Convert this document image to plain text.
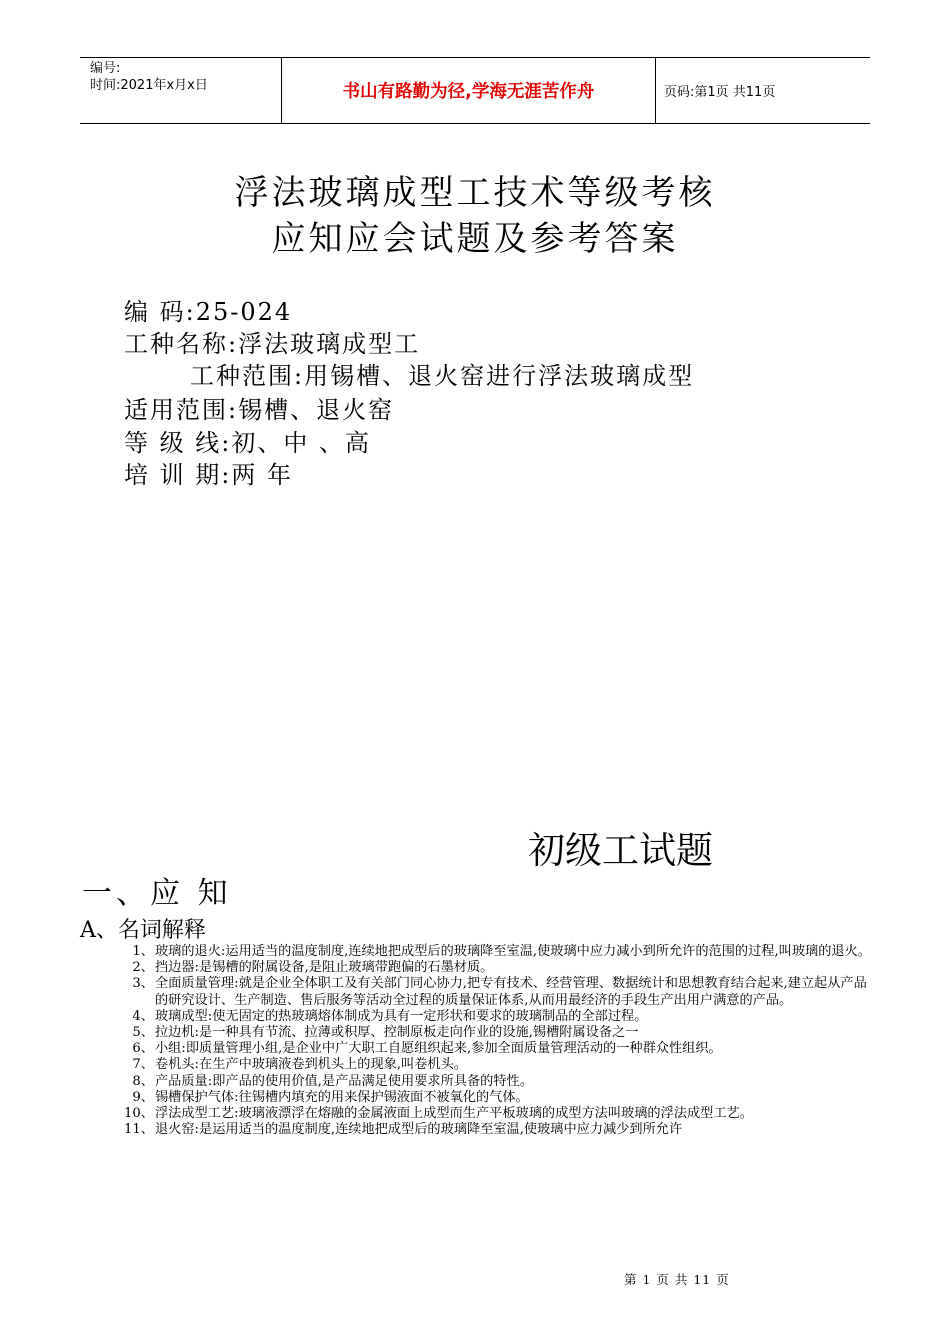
编号:
时间:2021年x月x日	书山有路勤为径,学海无涯苦作舟	页码:第1页 共11页
浮法玻璃成型工技术等级考核
应知应会试题及参考答案
编 码:25-024
工种名称:浮法玻璃成型工
工种范围:用锡槽、退火窑进行浮法玻璃成型
适用范围:锡槽、退火窑
等 级 线:初、中 、高
培 训 期:两 年
初级工试题
一、应 知
A、名词解释
1、 玻璃的退火:运用适当的温度制度,连续地把成型后的玻璃降至室温,使玻璃中应力减小到所允许的范围的过程,叫玻璃的退火。
2、 挡边器:是锡槽的附属设备,是阻止玻璃带跑偏的石墨材质。
3、 全面质量管理:就是企业全体职工及有关部门同心协力,把专有技术、经营管理、数据统计和思想教育结合起来,建立起从产品的研究设计、生产制造、售后服务等活动全过程的质量保证体系,从而用最经济的手段生产出用户满意的产品。
4、 玻璃成型:使无固定的热玻璃熔体制成为具有一定形状和要求的玻璃制品的全部过程。
5、 拉边机:是一种具有节流、拉薄或积厚、控制原板走向作业的设施,锡槽附属设备之一
6、 小组:即质量管理小组,是企业中广大职工自愿组织起来,参加全面质量管理活动的一种群众性组织。
7、 卷机头:在生产中玻璃液卷到机头上的现象,叫卷机头。
8、 产品质量:即产品的使用价值,是产品满足使用要求所具备的特性。
9、 锡槽保护气体:往锡槽内填充的用来保护锡液面不被氧化的气体。
10、 浮法成型工艺:玻璃液漂浮在熔融的金属液面上成型而生产平板玻璃的成型方法叫玻璃的浮法成型工艺。
11、 退火窑:是运用适当的温度制度,连续地把成型后的玻璃降至室温,使玻璃中应力减少到所允许
第 1 页 共 11 页
